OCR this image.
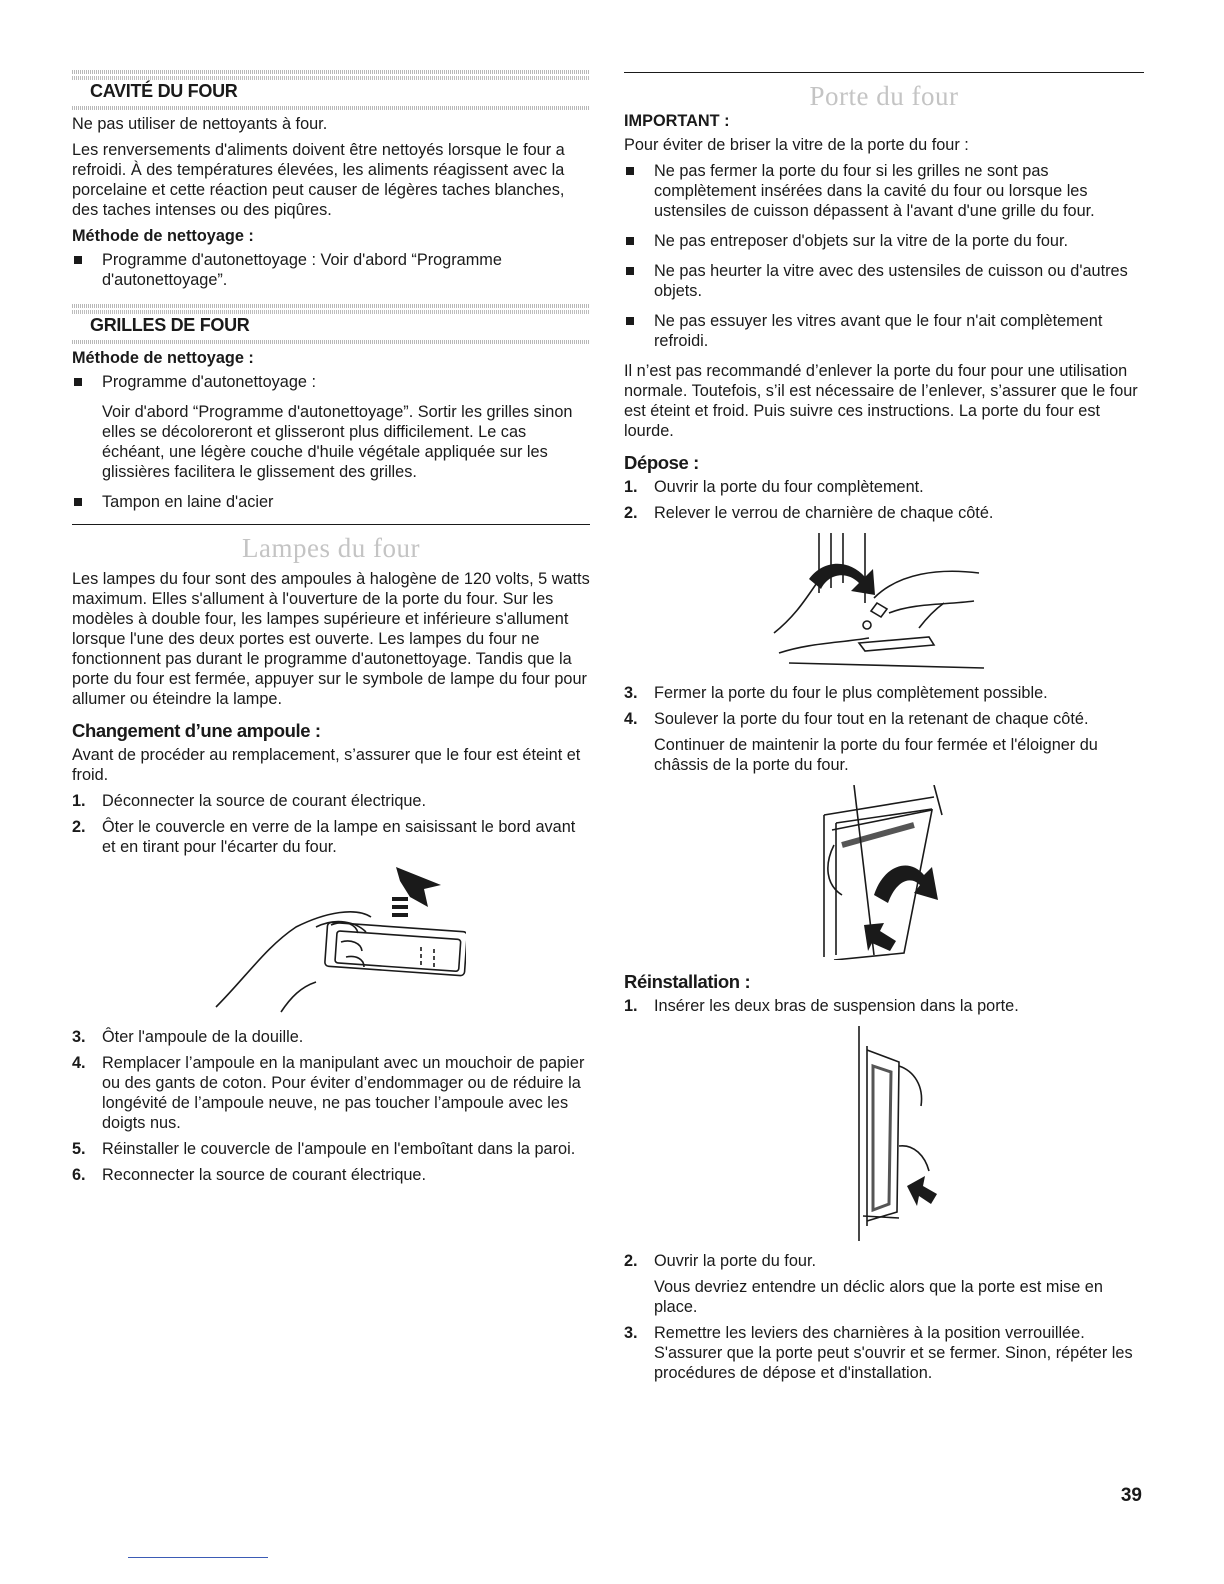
CAVITÉ DU FOUR

Ne pas utiliser de nettoyants à four.

Les renversements d'aliments doivent être nettoyés lorsque le four a refroidi. À des températures élevées, les aliments réagissent avec la porcelaine et cette réaction peut causer de légères taches blanches, des taches intenses ou des piqûres.

Méthode de nettoyage :
Programme d'autonettoyage : Voir d'abord “Programme d'autonettoyage”.
GRILLES DE FOUR
Méthode de nettoyage :
Programme d'autonettoyage :
Voir d'abord “Programme d'autonettoyage”. Sortir les grilles sinon elles se décoloreront et glisseront plus difficilement. Le cas échéant, une légère couche d'huile végétale appliquée sur les glissières facilitera le glissement des grilles.
Tampon en laine d'acier
Lampes du four

Les lampes du four sont des ampoules à halogène de 120 volts, 5 watts maximum. Elles s'allument à l'ouverture de la porte du four. Sur les modèles à double four, les lampes supérieure et inférieure s'allument lorsque l'une des deux portes est ouverte. Les lampes du four ne fonctionnent pas durant le programme d'autonettoyage. Tandis que la porte du four est fermée, appuyer sur le symbole de lampe du four pour allumer ou éteindre la lampe.

Changement d’une ampoule :

Avant de procéder au remplacement, s’assurer que le four est éteint et froid.

1. Déconnecter la source de courant électrique.
2. Ôter le couvercle en verre de la lampe en saisissant le bord avant et en tirant pour l'écarter du four.
3. Ôter l'ampoule de la douille.
4. Remplacer l’ampoule en la manipulant avec un mouchoir de papier ou des gants de coton. Pour éviter d’endommager ou de réduire la longévité de l’ampoule neuve, ne pas toucher l’ampoule avec les doigts nus.
5. Réinstaller le couvercle de l'ampoule en l'emboîtant dans la paroi.
6. Reconnecter la source de courant électrique.
Porte du four
IMPORTANT :

Pour éviter de briser la vitre de la porte du four :

Ne pas fermer la porte du four si les grilles ne sont pas complètement insérées dans la cavité du four ou lorsque les ustensiles de cuisson dépassent à l'avant d'une grille du four.
Ne pas entreposer d'objets sur la vitre de la porte du four.
Ne pas heurter la vitre avec des ustensiles de cuisson ou d'autres objets.
Ne pas essuyer les vitres avant que le four n'ait complètement refroidi.

Il n’est pas recommandé d’enlever la porte du four pour une utilisation normale. Toutefois, s’il est nécessaire de l’enlever, s’assurer que le four est éteint et froid. Puis suivre ces instructions. La porte du four est lourde.

Dépose :
1. Ouvrir la porte du four complètement.
2. Relever le verrou de charnière de chaque côté.
3. Fermer la porte du four le plus complètement possible.
4. Soulever la porte du four tout en la retenant de chaque côté.
Continuer de maintenir la porte du four fermée et l'éloigner du châssis de la porte du four.
Réinstallation :
1. Insérer les deux bras de suspension dans la porte.
2. Ouvrir la porte du four.
Vous devriez entendre un déclic alors que la porte est mise en place.
3. Remettre les leviers des charnières à la position verrouillée. S'assurer que la porte peut s'ouvrir et se fermer. Sinon, répéter les procédures de dépose et d'installation.
39
